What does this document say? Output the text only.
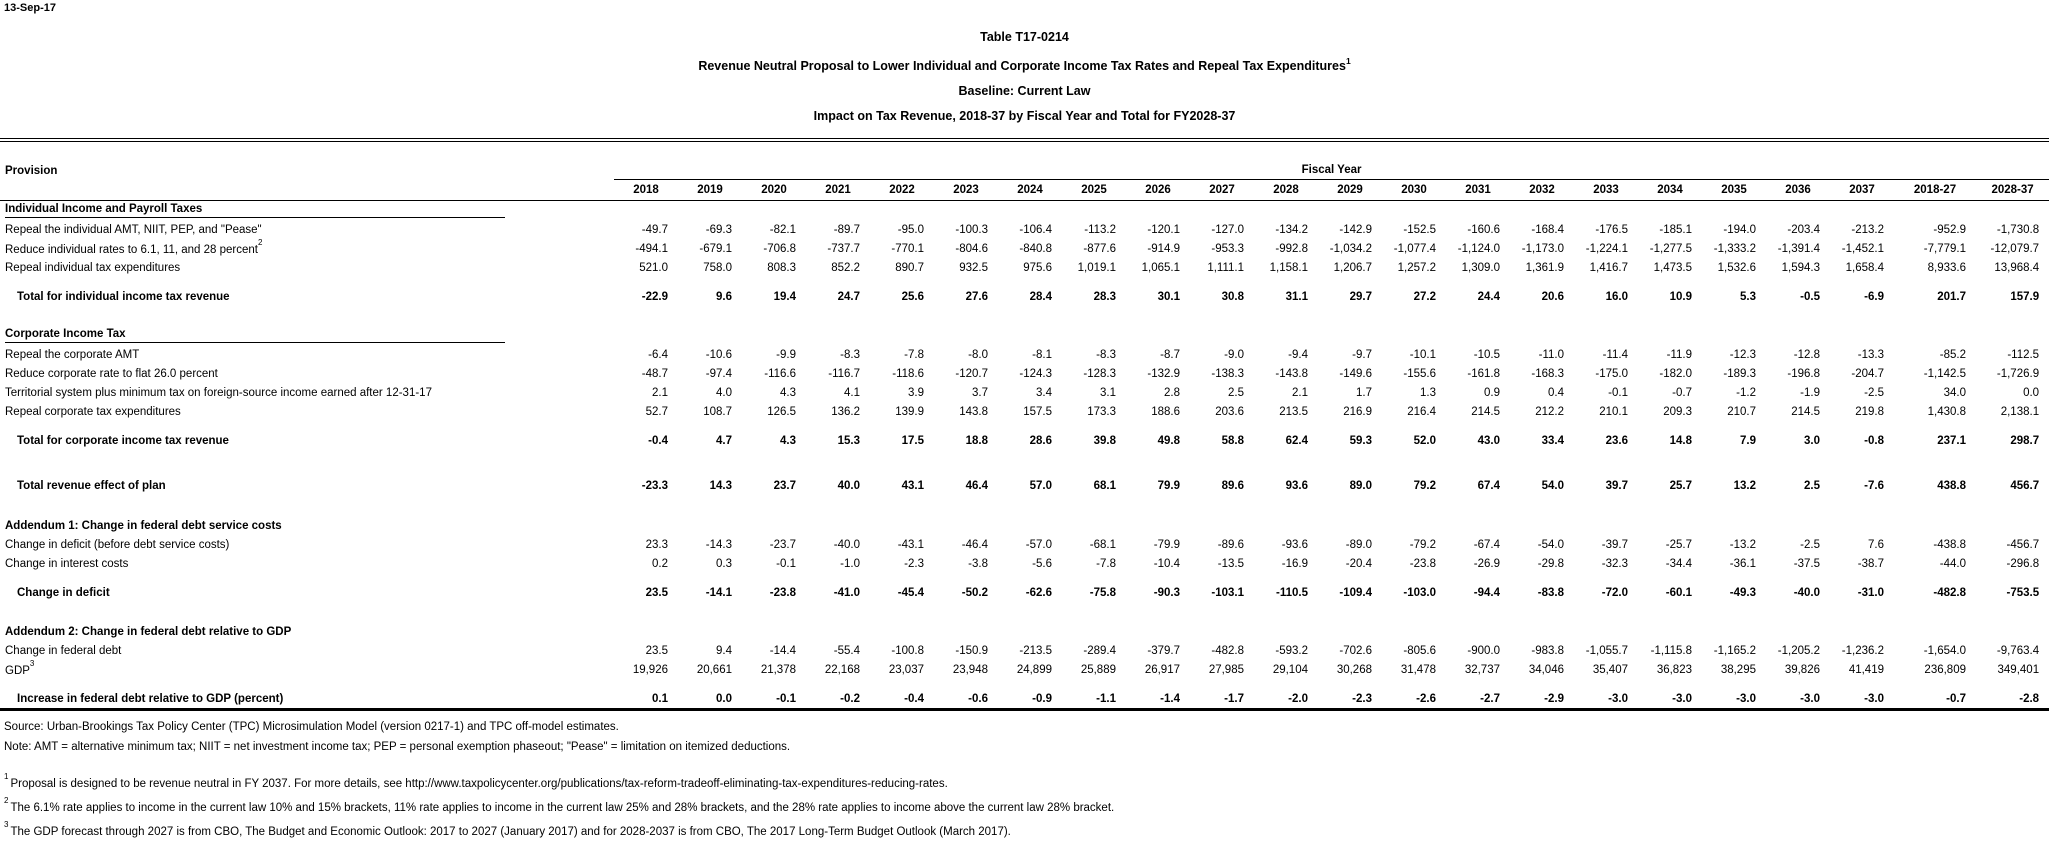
13-Sep-17
Table T17-0214
Revenue Neutral Proposal to Lower Individual and Corporate Income Tax Rates and Repeal Tax Expenditures$^1$
Baseline: Current Law
Impact on Tax Revenue, 2018-37 by Fiscal Year and Total for FY2028-37
Provision	Fiscal Year																					
	2018	2019	2020	2021	2022	2023	2024	2025	2026	2027	2028	2029	2030	2031	2032	2033	2034	2035	2036	2037	2018-27	2028-37
Individual Income and Payroll Taxes																						
Repeal the individual AMT, NIIT, PEP, and "Pease"	-49.7	-69.3	-82.1	-89.7	-95.0	-100.3	-106.4	-113.2	-120.1	-127.0	-134.2	-142.9	-152.5	-160.6	-168.4	-176.5	-185.1	-194.0	-203.4	-213.2	-952.9	-1,730.8
Reduce individual rates to 6.1, 11, and 28 percent$^2$	-494.1	-679.1	-706.8	-737.7	-770.1	-804.6	-840.8	-877.6	-914.9	-953.3	-992.8	-1,034.2	-1,077.4	-1,124.0	-1,173.0	-1,224.1	-1,277.5	-1,333.2	-1,391.4	-1,452.1	-7,779.1	-12,079.7
Repeal individual tax expenditures	521.0	758.0	808.3	852.2	890.7	932.5	975.6	1,019.1	1,065.1	1,111.1	1,158.1	1,206.7	1,257.2	1,309.0	1,361.9	1,416.7	1,473.5	1,532.6	1,594.3	1,658.4	8,933.6	13,968.4

Total for individual income tax revenue	-22.9	9.6	19.4	24.7	25.6	27.6	28.4	28.3	30.1	30.8	31.1	29.7	27.2	24.4	20.6	16.0	10.9	5.3	-0.5	-6.9	201.7	157.9

Corporate Income Tax																						
Repeal the corporate AMT	-6.4	-10.6	-9.9	-8.3	-7.8	-8.0	-8.1	-8.3	-8.7	-9.0	-9.4	-9.7	-10.1	-10.5	-11.0	-11.4	-11.9	-12.3	-12.8	-13.3	-85.2	-112.5
Reduce corporate rate to flat 26.0 percent	-48.7	-97.4	-116.6	-116.7	-118.6	-120.7	-124.3	-128.3	-132.9	-138.3	-143.8	-149.6	-155.6	-161.8	-168.3	-175.0	-182.0	-189.3	-196.8	-204.7	-1,142.5	-1,726.9
Territorial system plus minimum tax on foreign-source income earned after 12-31-17	2.1	4.0	4.3	4.1	3.9	3.7	3.4	3.1	2.8	2.5	2.1	1.7	1.3	0.9	0.4	-0.1	-0.7	-1.2	-1.9	-2.5	34.0	0.0
Repeal corporate tax expenditures	52.7	108.7	126.5	136.2	139.9	143.8	157.5	173.3	188.6	203.6	213.5	216.9	216.4	214.5	212.2	210.1	209.3	210.7	214.5	219.8	1,430.8	2,138.1

Total for corporate income tax revenue	-0.4	4.7	4.3	15.3	17.5	18.8	28.6	39.8	49.8	58.8	62.4	59.3	52.0	43.0	33.4	23.6	14.8	7.9	3.0	-0.8	237.1	298.7

Total revenue effect of plan	-23.3	14.3	23.7	40.0	43.1	46.4	57.0	68.1	79.9	89.6	93.6	89.0	79.2	67.4	54.0	39.7	25.7	13.2	2.5	-7.6	438.8	456.7

Addendum 1: Change in federal debt service costs																						
Change in deficit (before debt service costs)	23.3	-14.3	-23.7	-40.0	-43.1	-46.4	-57.0	-68.1	-79.9	-89.6	-93.6	-89.0	-79.2	-67.4	-54.0	-39.7	-25.7	-13.2	-2.5	7.6	-438.8	-456.7
Change in interest costs	0.2	0.3	-0.1	-1.0	-2.3	-3.8	-5.6	-7.8	-10.4	-13.5	-16.9	-20.4	-23.8	-26.9	-29.8	-32.3	-34.4	-36.1	-37.5	-38.7	-44.0	-296.8

Change in deficit	23.5	-14.1	-23.8	-41.0	-45.4	-50.2	-62.6	-75.8	-90.3	-103.1	-110.5	-109.4	-103.0	-94.4	-83.8	-72.0	-60.1	-49.3	-40.0	-31.0	-482.8	-753.5

Addendum 2: Change in federal debt relative to GDP																						
Change in federal debt	23.5	9.4	-14.4	-55.4	-100.8	-150.9	-213.5	-289.4	-379.7	-482.8	-593.2	-702.6	-805.6	-900.0	-983.8	-1,055.7	-1,115.8	-1,165.2	-1,205.2	-1,236.2	-1,654.0	-9,763.4
GDP$^3$	19,926	20,661	21,378	22,168	23,037	23,948	24,899	25,889	26,917	27,985	29,104	30,268	31,478	32,737	34,046	35,407	36,823	38,295	39,826	41,419	236,809	349,401

Increase in federal debt relative to GDP (percent)	0.1	0.0	-0.1	-0.2	-0.4	-0.6	-0.9	-1.1	-1.4	-1.7	-2.0	-2.3	-2.6	-2.7	-2.9	-3.0	-3.0	-3.0	-3.0	-3.0	-0.7	-2.8
Source: Urban-Brookings Tax Policy Center (TPC) Microsimulation Model (version 0217-1) and TPC off-model estimates.
Note: AMT = alternative minimum tax; NIIT = net investment income tax; PEP = personal exemption phaseout; "Pease" = limitation on itemized deductions.
$^1$Proposal is designed to be revenue neutral in FY 2037. For more details, see http://www.taxpolicycenter.org/publications/tax-reform-tradeoff-eliminating-tax-expenditures-reducing-rates.
$^2$The 6.1% rate applies to income in the current law 10% and 15% brackets, 11% rate applies to income in the current law 25% and 28% brackets, and the 28% rate applies to income above the current law 28% bracket.
$^3$The GDP forecast through 2027 is from CBO, The Budget and Economic Outlook: 2017 to 2027 (January 2017) and for 2028-2037 is from CBO, The 2017 Long-Term Budget Outlook (March 2017).
